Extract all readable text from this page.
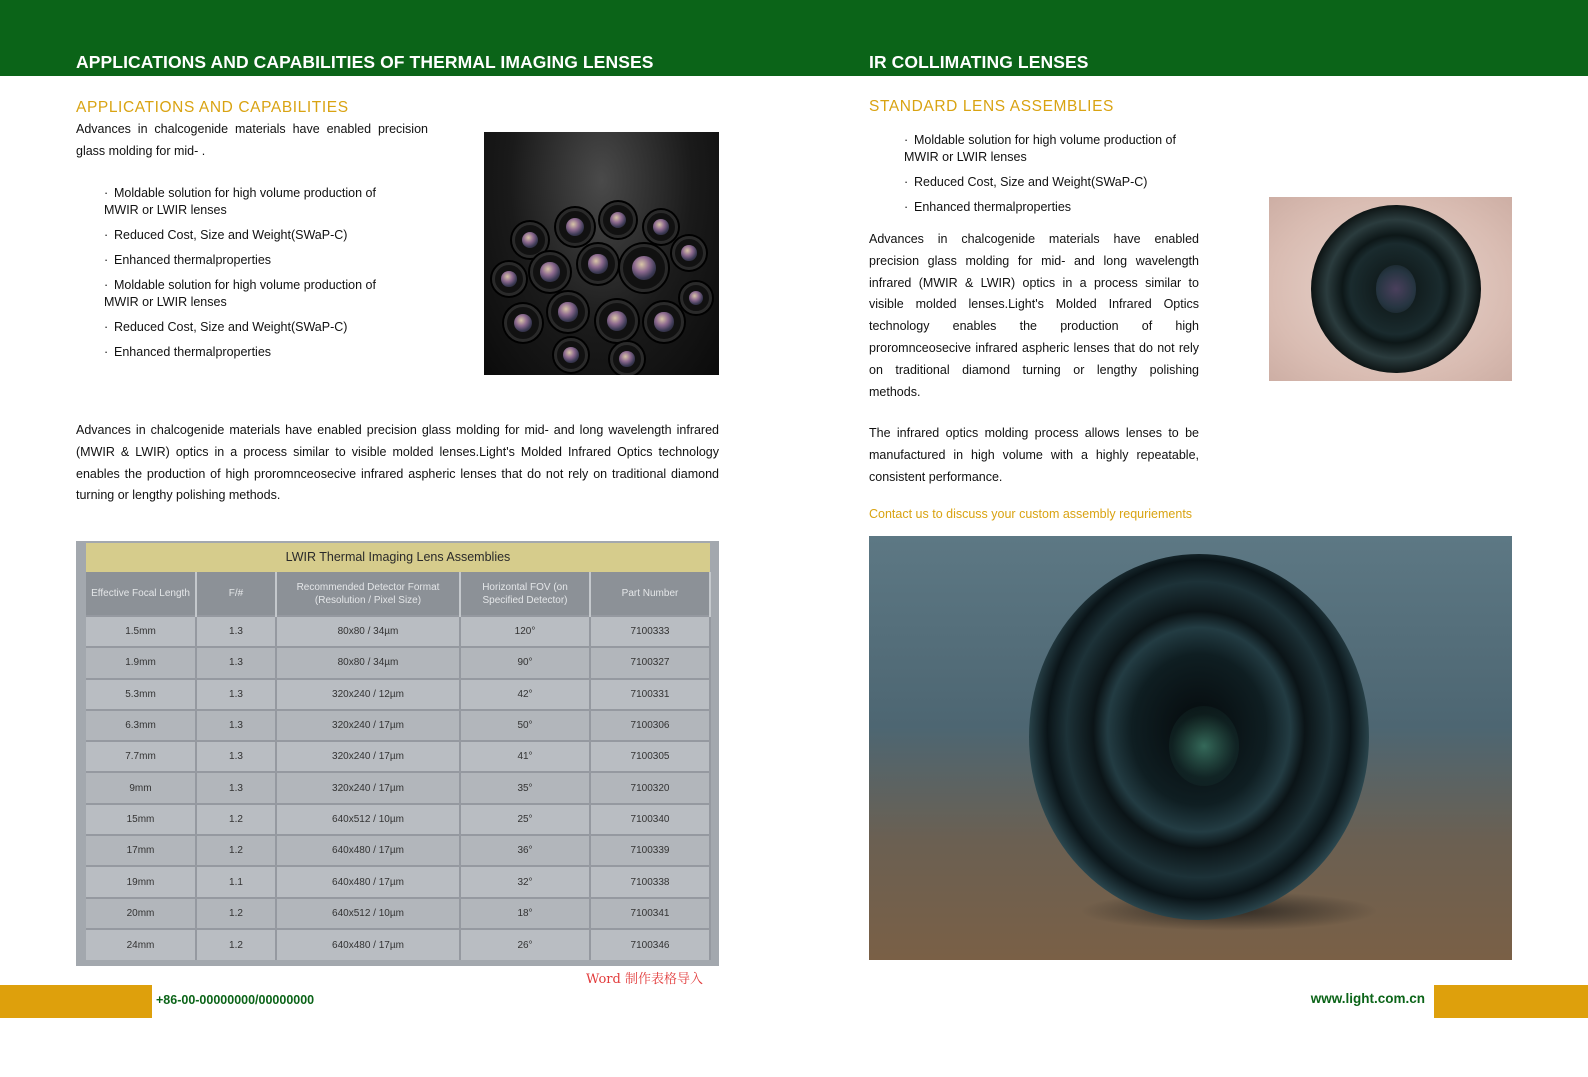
APPLICATIONS AND CAPABILITIES OF THERMAL IMAGING LENSES	IR COLLIMATING LENSES
APPLICATIONS AND CAPABILITIES
Advances in chalcogenide materials have enabled precision glass molding for mid- .
· Moldable solution for high volume production of MWIR or LWIR lenses
· Reduced Cost, Size and Weight(SWaP-C)
· Enhanced thermalproperties
· Moldable solution for high volume production of MWIR or LWIR lenses
· Reduced Cost, Size and Weight(SWaP-C)
· Enhanced thermalproperties
Advances in chalcogenide materials have enabled precision glass molding for mid- and long wavelength infrared (MWIR & LWIR) optics in a process similar to visible molded lenses.Light's Molded Infrared Optics technology enables the production of high proromnceosecive infrared aspheric lenses that do not rely on traditional diamond turning or lengthy polishing methods.
LWIR Thermal Imaging Lens Assemblies
Effective Focal Length	F/#	Recommended Detector Format (Resolution / Pixel Size)	Horizontal FOV (on Specified Detector)	Part Number
1.5mm	1.3	80x80 / 34µm	120°	7100333
1.9mm	1.3	80x80 / 34µm	90°	7100327
5.3mm	1.3	320x240 / 12µm	42°	7100331
6.3mm	1.3	320x240 / 17µm	50°	7100306
7.7mm	1.3	320x240 / 17µm	41°	7100305
9mm	1.3	320x240 / 17µm	35°	7100320
15mm	1.2	640x512 / 10µm	25°	7100340
17mm	1.2	640x480 / 17µm	36°	7100339
19mm	1.1	640x480 / 17µm	32°	7100338
20mm	1.2	640x512 / 10µm	18°	7100341
24mm	1.2	640x480 / 17µm	26°	7100346
Word 制作表格导入
+86-00-00000000/00000000
STANDARD LENS ASSEMBLIES
· Moldable solution for high volume production of MWIR or LWIR lenses
· Reduced Cost, Size and Weight(SWaP-C)
· Enhanced thermalproperties
Advances in chalcogenide materials have enabled precision glass molding for mid- and long wavelength infrared (MWIR & LWIR) optics in a process similar to visible molded lenses.Light's Molded Infrared Optics technology enables the production of high proromnceosecive infrared aspheric lenses that do not rely on traditional diamond turning or lengthy polishing methods.
The infrared optics molding process allows lenses to be manufactured in high volume with a highly repeatable, consistent performance.
Contact us to discuss your custom assembly requriements
www.light.com.cn
